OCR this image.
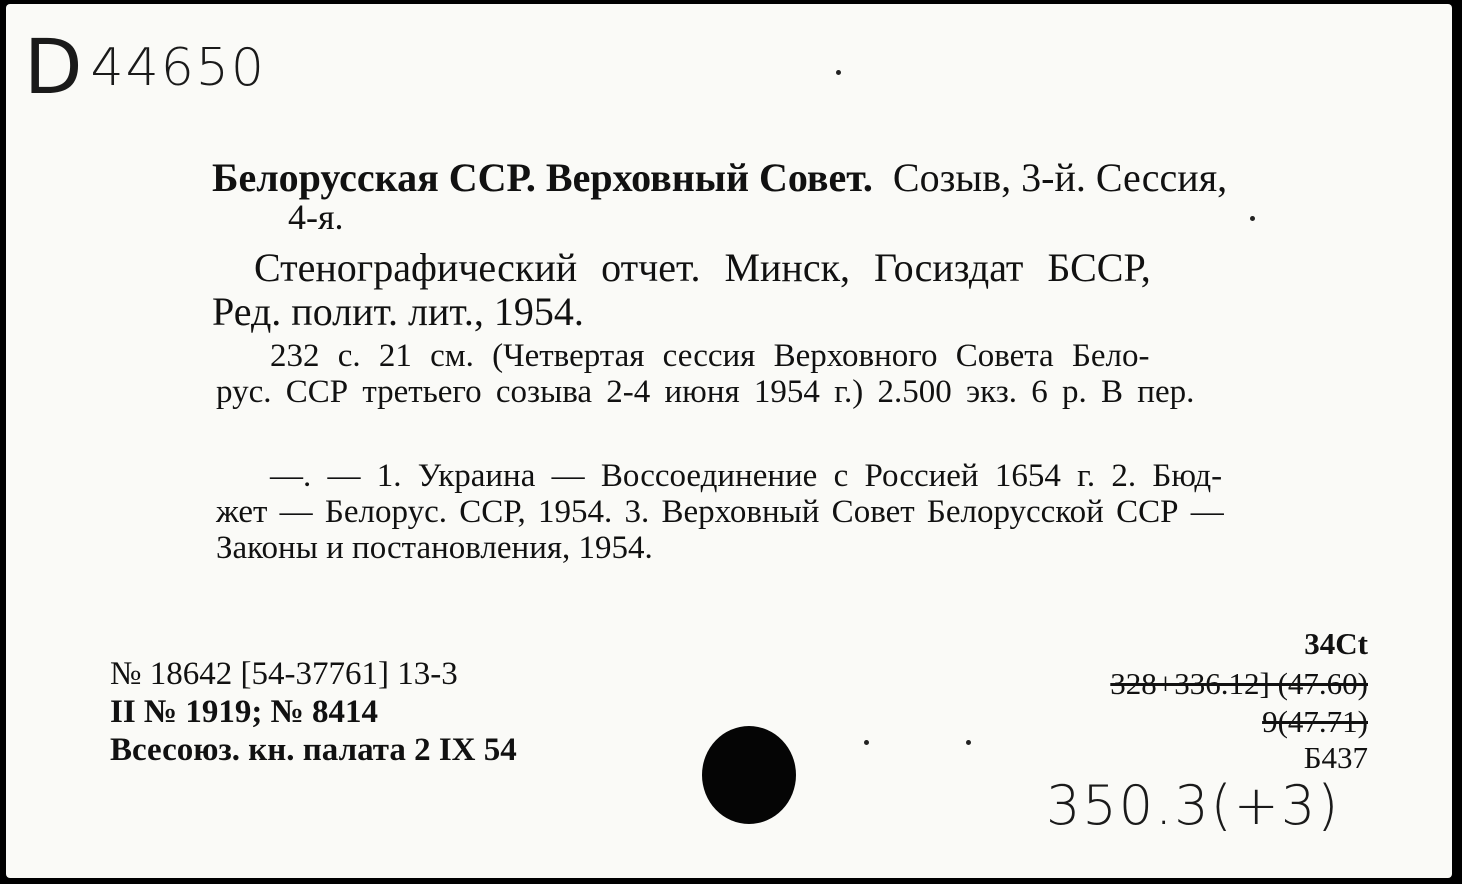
D 44650
Белорусская ССР. Верховный Совет. Созыв, 3-й. Сессия,
4-я.
Стенографический отчет. Минск, Госиздат БССР,
Ред. полит. лит., 1954.
232 с. 21 см. (Четвертая сессия Верховного Совета Бело-
рус. ССР третьего созыва 2-4 июня 1954 г.) 2.500 экз. 6 р. В пер.
—. — 1. Украина — Воссоединение с Россией 1654 г. 2. Бюд-
жет — Белорус. ССР, 1954. 3. Верховный Совет Белорусской ССР —
Законы и постановления, 1954.
№ 18642 [54-37761] 13-3
II № 1919; № 8414
Всесоюз. кн. палата 2 IX 54
34Ct
328+336.12] (47.60)
9(47.71)
Б437
350.3(+3)
